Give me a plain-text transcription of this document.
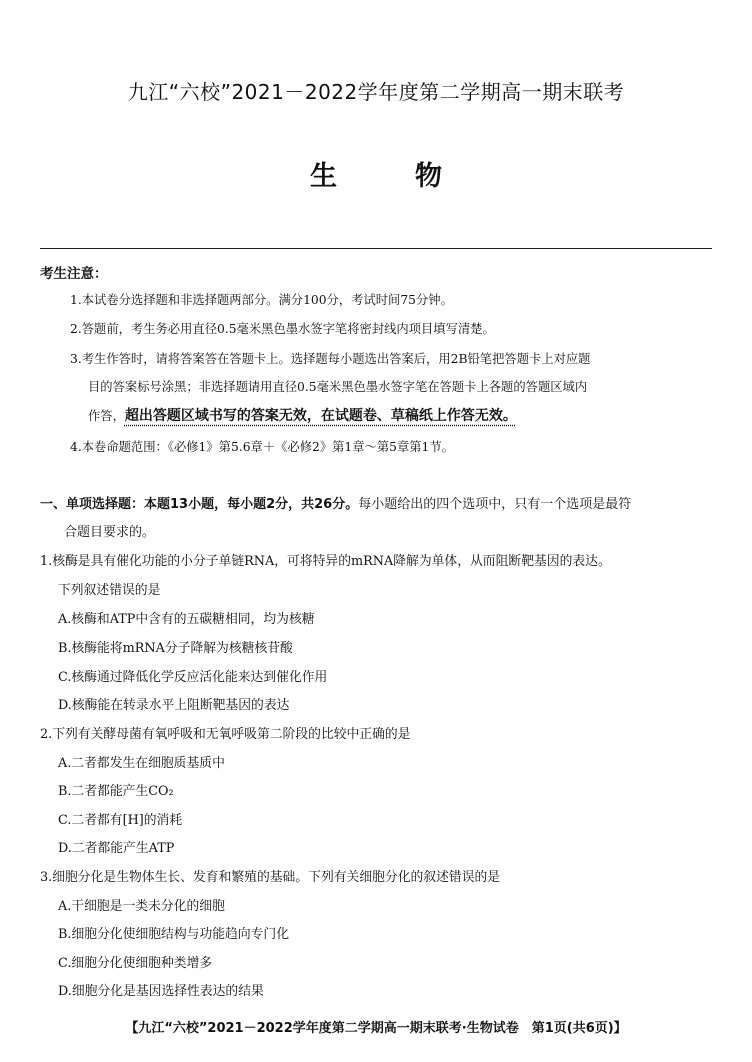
九江“六校”2021－2022学年度第二学期高一期末联考
生物
考生注意：
1.本试卷分选择题和非选择题两部分。满分100分，考试时间75分钟。
2.答题前，考生务必用直径0.5毫米黑色墨水签字笔将密封线内项目填写清楚。
3.考生作答时，请将答案答在答题卡上。选择题每小题选出答案后，用2B铅笔把答题卡上对应题
目的答案标号涂黑；非选择题请用直径0.5毫米黑色墨水签字笔在答题卡上各题的答题区域内
作答，超出答题区域书写的答案无效，在试题卷、草稿纸上作答无效。
4.本卷命题范围：《必修1》第5.6章＋《必修2》第1章～第5章第1节。
一、单项选择题：本题13小题，每小题2分，共26分。每小题给出的四个选项中，只有一个选项是最符
合题目要求的。
1.核酶是具有催化功能的小分子单链RNA，可将特异的mRNA降解为单体，从而阻断靶基因的表达。
下列叙述错误的是
A.核酶和ATP中含有的五碳糖相同，均为核糖
B.核酶能将mRNA分子降解为核糖核苷酸
C.核酶通过降低化学反应活化能来达到催化作用
D.核酶能在转录水平上阻断靶基因的表达
2.下列有关酵母菌有氧呼吸和无氧呼吸第二阶段的比较中正确的是
A.二者都发生在细胞质基质中
B.二者都能产生CO₂
C.二者都有[H]的消耗
D.二者都能产生ATP
3.细胞分化是生物体生长、发育和繁殖的基础。下列有关细胞分化的叙述错误的是
A.干细胞是一类未分化的细胞
B.细胞分化使细胞结构与功能趋向专门化
C.细胞分化使细胞种类增多
D.细胞分化是基因选择性表达的结果
【九江“六校”2021－2022学年度第二学期高一期末联考·生物试卷　第1页(共6页)】
